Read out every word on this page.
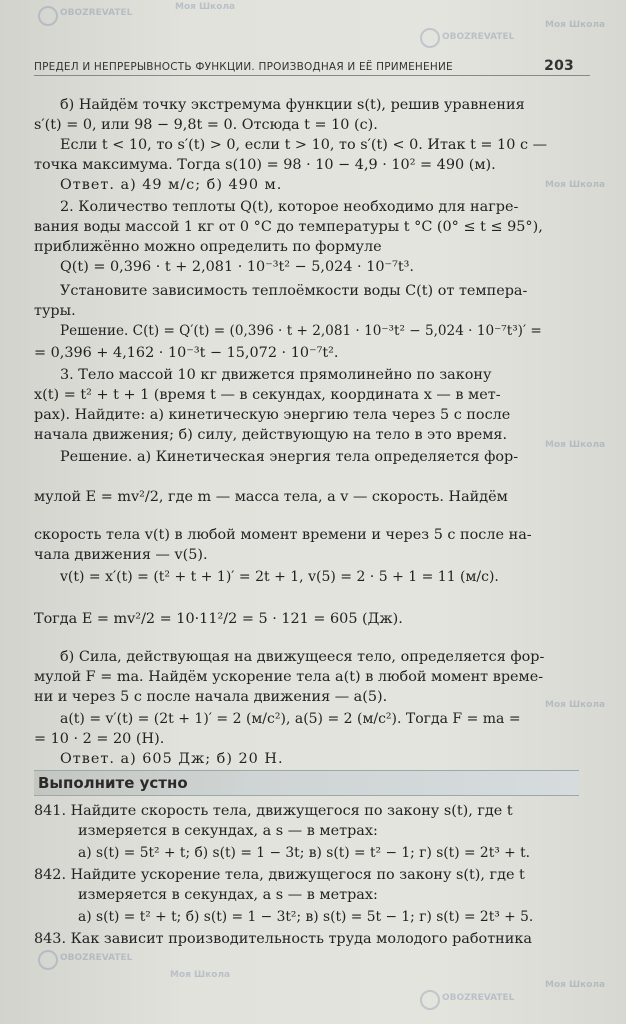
OBOZREVATEL
Моя Школа
OBOZREVATEL
Моя Школа
Моя Школа
Моя Школа
Моя Школа
Моя Школа
OBOZREVATEL
Моя Школа
OBOZREVATEL
ПРЕДЕЛ И НЕПРЕРЫВНОСТЬ ФУНКЦИИ. ПРОИЗВОДНАЯ И ЕЁ ПРИМЕНЕНИЕ	203
б) Найдём точку экстремума функции s(t), решив уравнения
s′(t) = 0, или 98 − 9,8t = 0. Отсюда t = 10 (с).
Если t < 10, то s′(t) > 0, если t > 10, то s′(t) < 0. Итак t = 10 с —
точка максимума. Тогда s(10) = 98 · 10 − 4,9 · 10² = 490 (м).
Ответ. а) 49 м/с; б) 490 м.
2. Количество теплоты Q(t), которое необходимо для нагре-
вания воды массой 1 кг от 0 °C до температуры t °C (0° ≤ t ≤ 95°),
приближённо можно определить по формуле
Q(t) = 0,396 · t + 2,081 · 10⁻³t² − 5,024 · 10⁻⁷t³.
Установите зависимость теплоёмкости воды C(t) от темпера-
туры.
Решение. C(t) = Q′(t) = (0,396 · t + 2,081 · 10⁻³t² − 5,024 · 10⁻⁷t³)′ =
= 0,396 + 4,162 · 10⁻³t − 15,072 · 10⁻⁷t².
3. Тело массой 10 кг движется прямолинейно по закону
x(t) = t² + t + 1 (время t — в секундах, координата x — в мет-
рах). Найдите: а) кинетическую энергию тела через 5 с после
начала движения; б) силу, действующую на тело в это время.
Решение. а) Кинетическая энергия тела определяется фор-
мулой E = mv²/2, где m — масса тела, а v — скорость. Найдём
скорость тела v(t) в любой момент времени и через 5 с после на-
чала движения — v(5).
v(t) = x′(t) = (t² + t + 1)′ = 2t + 1, v(5) = 2 · 5 + 1 = 11 (м/с).
Тогда E = mv²/2 = 10·11²/2 = 5 · 121 = 605 (Дж).
б) Сила, действующая на движущееся тело, определяется фор-
мулой F = ma. Найдём ускорение тела a(t) в любой момент време-
ни и через 5 с после начала движения — a(5).
a(t) = v′(t) = (2t + 1)′ = 2 (м/с²), a(5) = 2 (м/с²). Тогда F = ma =
= 10 · 2 = 20 (Н).
Ответ. а) 605 Дж; б) 20 Н.
Выполните устно
841. Найдите скорость тела, движущегося по закону s(t), где t
измеряется в секундах, а s — в метрах:
а) s(t) = 5t² + t; б) s(t) = 1 − 3t; в) s(t) = t² − 1; г) s(t) = 2t³ + t.
842. Найдите ускорение тела, движущегося по закону s(t), где t
измеряется в секундах, а s — в метрах:
а) s(t) = t² + t; б) s(t) = 1 − 3t²; в) s(t) = 5t − 1; г) s(t) = 2t³ + 5.
843. Как зависит производительность труда молодого работника
